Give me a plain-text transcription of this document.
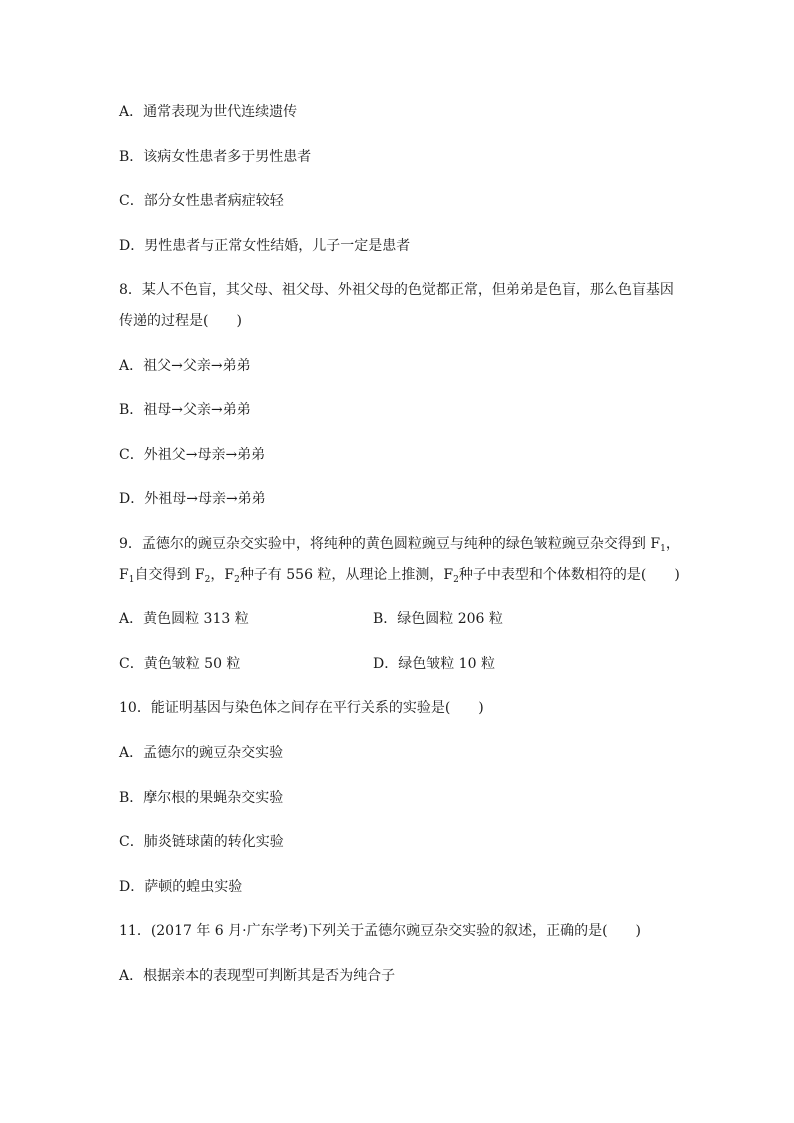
A．通常表现为世代连续遗传
B．该病女性患者多于男性患者
C．部分女性患者病症较轻
D．男性患者与正常女性结婚，儿子一定是患者
8．某人不色盲，其父母、祖父母、外祖父母的色觉都正常，但弟弟是色盲，那么色盲基因
传递的过程是(　　)
A．祖父→父亲→弟弟
B．祖母→父亲→弟弟
C．外祖父→母亲→弟弟
D．外祖母→母亲→弟弟
9．孟德尔的豌豆杂交实验中，将纯种的黄色圆粒豌豆与纯种的绿色皱粒豌豆杂交得到 $F_1$，
$F_1$自交得到 $F_2$，$F_2$种子有 556 粒，从理论上推测，$F_2$种子中表型和个体数相符的是(　　)
A．黄色圆粒 313 粒	B．绿色圆粒 206 粒
C．黄色皱粒 50 粒	D．绿色皱粒 10 粒
10．能证明基因与染色体之间存在平行关系的实验是(　　)
A．孟德尔的豌豆杂交实验
B．摩尔根的果蝇杂交实验
C．肺炎链球菌的转化实验
D．萨顿的蝗虫实验
11．(2017 年 6 月·广东学考)下列关于孟德尔豌豆杂交实验的叙述，正确的是(　　)
A．根据亲本的表现型可判断其是否为纯合子
